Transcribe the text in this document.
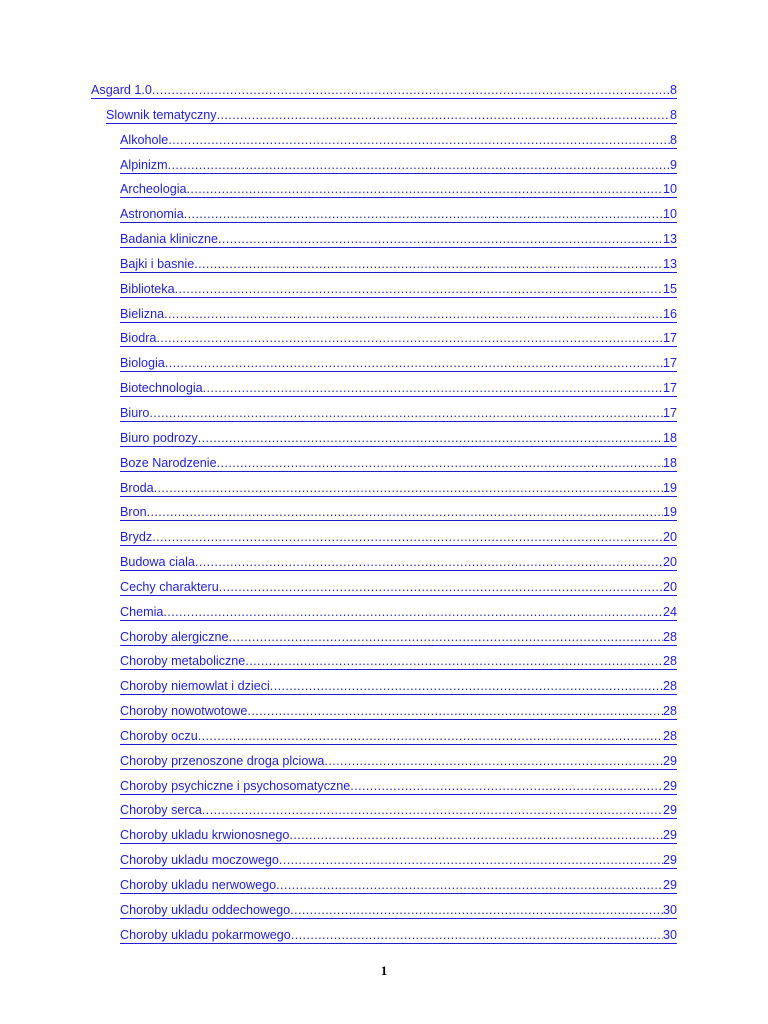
Asgard 1.0 .....	8
Slownik tematyczny .....	8
Alkohole .....	8
Alpinizm .....	9
Archeologia .....	10
Astronomia .....	10
Badania kliniczne .....	13
Bajki i basnie .....	13
Biblioteka .....	15
Bielizna .....	16
Biodra .....	17
Biologia .....	17
Biotechnologia .....	17
Biuro .....	17
Biuro podrozy .....	18
Boze Narodzenie .....	18
Broda .....	19
Bron .....	19
Brydz .....	20
Budowa ciala .....	20
Cechy charakteru .....	20
Chemia .....	24
Choroby alergiczne .....	28
Choroby metaboliczne .....	28
Choroby niemowlat i dzieci .....	28
Choroby nowotwotowe .....	28
Choroby oczu .....	28
Choroby przenoszone droga plciowa .....	29
Choroby psychiczne i psychosomatyczne .....	29
Choroby serca .....	29
Choroby ukladu krwionosnego .....	29
Choroby ukladu moczowego .....	29
Choroby ukladu nerwowego .....	29
Choroby ukladu oddechowego .....	30
Choroby ukladu pokarmowego .....	30
1
